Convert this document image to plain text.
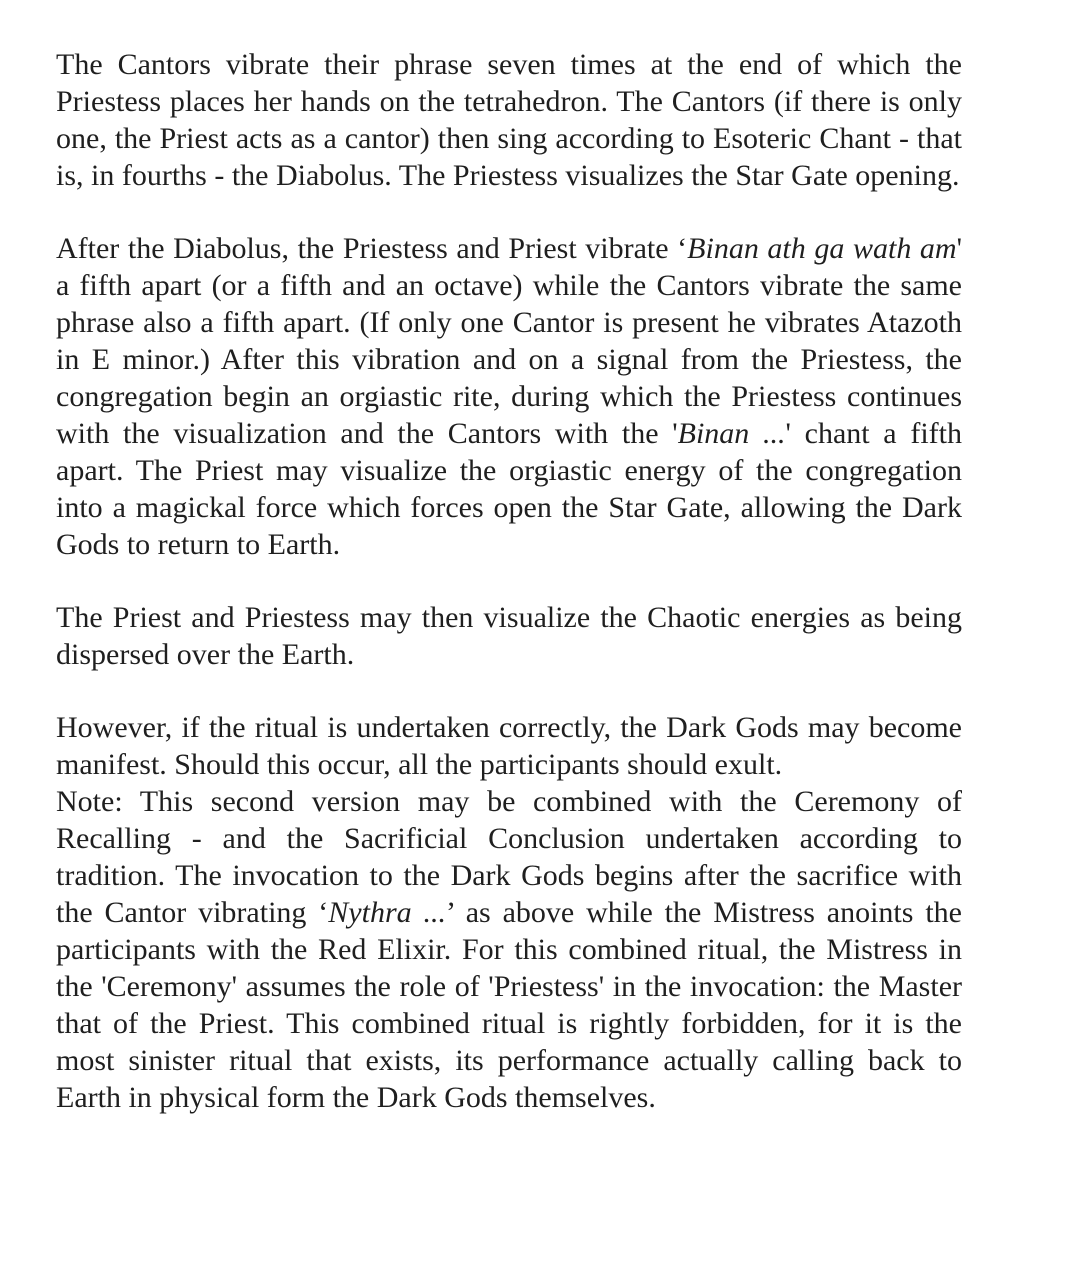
The Cantors vibrate their phrase seven times at the end of which the Priestess places her hands on the tetrahedron. The Cantors (if there is only one, the Priest acts as a cantor) then sing according to Esoteric Chant - that is, in fourths - the Diabolus. The Priestess visualizes the Star Gate opening.

After the Diabolus, the Priestess and Priest vibrate ‘Binan ath ga wath am' a fifth apart (or a fifth and an octave) while the Cantors vibrate the same phrase also a fifth apart. (If only one Cantor is present he vibrates Atazoth in E minor.) After this vibration and on a signal from the Priestess, the congregation begin an orgiastic rite, during which the Priestess continues with the visualization and the Cantors with the 'Binan ...' chant a fifth apart. The Priest may visualize the orgiastic energy of the congregation into a magickal force which forces open the Star Gate, allowing the Dark Gods to return to Earth.

The Priest and Priestess may then visualize the Chaotic energies as being dispersed over the Earth.

However, if the ritual is undertaken correctly, the Dark Gods may become manifest. Should this occur, all the participants should exult.
Note: This second version may be combined with the Ceremony of Recalling - and the Sacrificial Conclusion undertaken according to tradition. The invocation to the Dark Gods begins after the sacrifice with the Cantor vibrating ‘Nythra ...’ as above while the Mistress anoints the participants with the Red Elixir. For this combined ritual, the Mistress in the 'Ceremony' assumes the role of 'Priestess' in the invocation: the Master that of the Priest. This combined ritual is rightly forbidden, for it is the most sinister ritual that exists, its performance actually calling back to Earth in physical form the Dark Gods themselves.
